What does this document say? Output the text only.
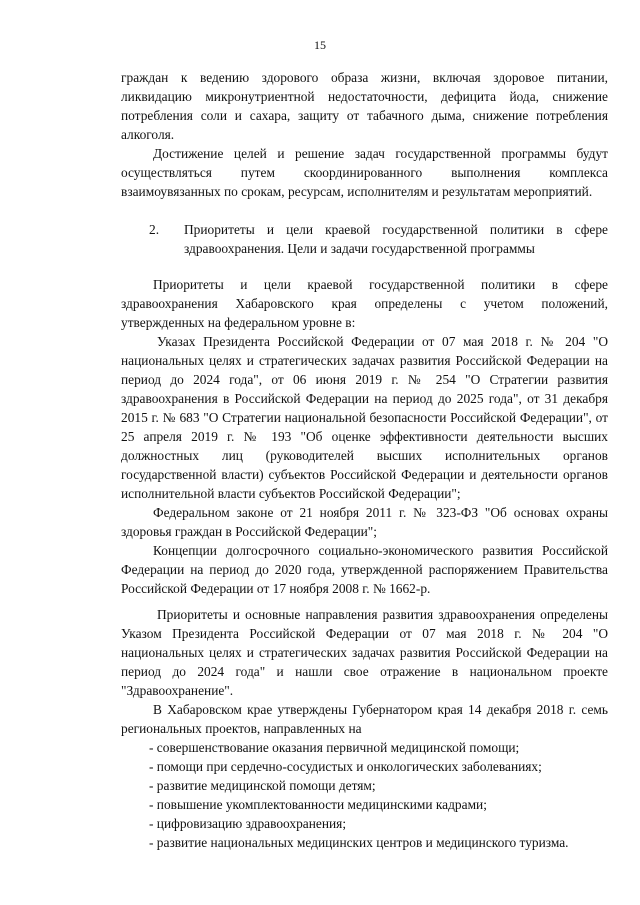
15

граждан к ведению здорового образа жизни, включая здоровое питании, ликвидацию микронутриентной недостаточности, дефицита йода, снижение потребления соли и сахара, защиту от табачного дыма, снижение потребления алкоголя.

Достижение целей и решение задач государственной программы будут осуществляться путем скоординированного выполнения комплекса взаимоувязанных по срокам, ресурсам, исполнителям и результатам мероприятий.

2.	Приоритеты и цели краевой государственной политики в сфере здравоохранения. Цели и задачи государственной программы

Приоритеты и цели краевой государственной политики в сфере здравоохранения Хабаровского края определены с учетом положений, утвержденных на федеральном уровне в:

Указах Президента Российской Федерации от 07 мая 2018 г. № 204 "О национальных целях и стратегических задачах развития Российской Федерации на период до 2024 года", от 06 июня 2019 г. № 254 "О Стратегии развития здравоохранения в Российской Федерации на период до 2025 года", от 31 декабря 2015 г. № 683 "О Стратегии национальной безопасности Российской Федерации", от 25 апреля 2019 г. № 193 "Об оценке эффективности деятельности высших должностных лиц (руководителей высших исполнительных органов государственной власти) субъектов Российской Федерации и деятельности органов исполнительной власти субъектов Российской Федерации";

Федеральном законе от 21 ноября 2011 г. № 323-ФЗ "Об основах охраны здоровья граждан в Российской Федерации";

Концепции долгосрочного социально-экономического развития Российской Федерации на период до 2020 года, утвержденной распоряжением Правительства Российской Федерации от 17 ноября 2008 г. № 1662-р.

Приоритеты и основные направления развития здравоохранения определены Указом Президента Российской Федерации от 07 мая 2018 г. № 204 "О национальных целях и стратегических задачах развития Российской Федерации на период до 2024 года" и нашли свое отражение в национальном проекте "Здравоохранение".

В Хабаровском крае утверждены Губернатором края 14 декабря 2018 г. семь региональных проектов, направленных на

- совершенствование оказания первичной медицинской помощи;

- помощи при сердечно-сосудистых и онкологических заболеваниях;

- развитие медицинской помощи детям;

- повышение укомплектованности медицинскими кадрами;

- цифровизацию здравоохранения;

- развитие национальных медицинских центров и медицинского туризма.
